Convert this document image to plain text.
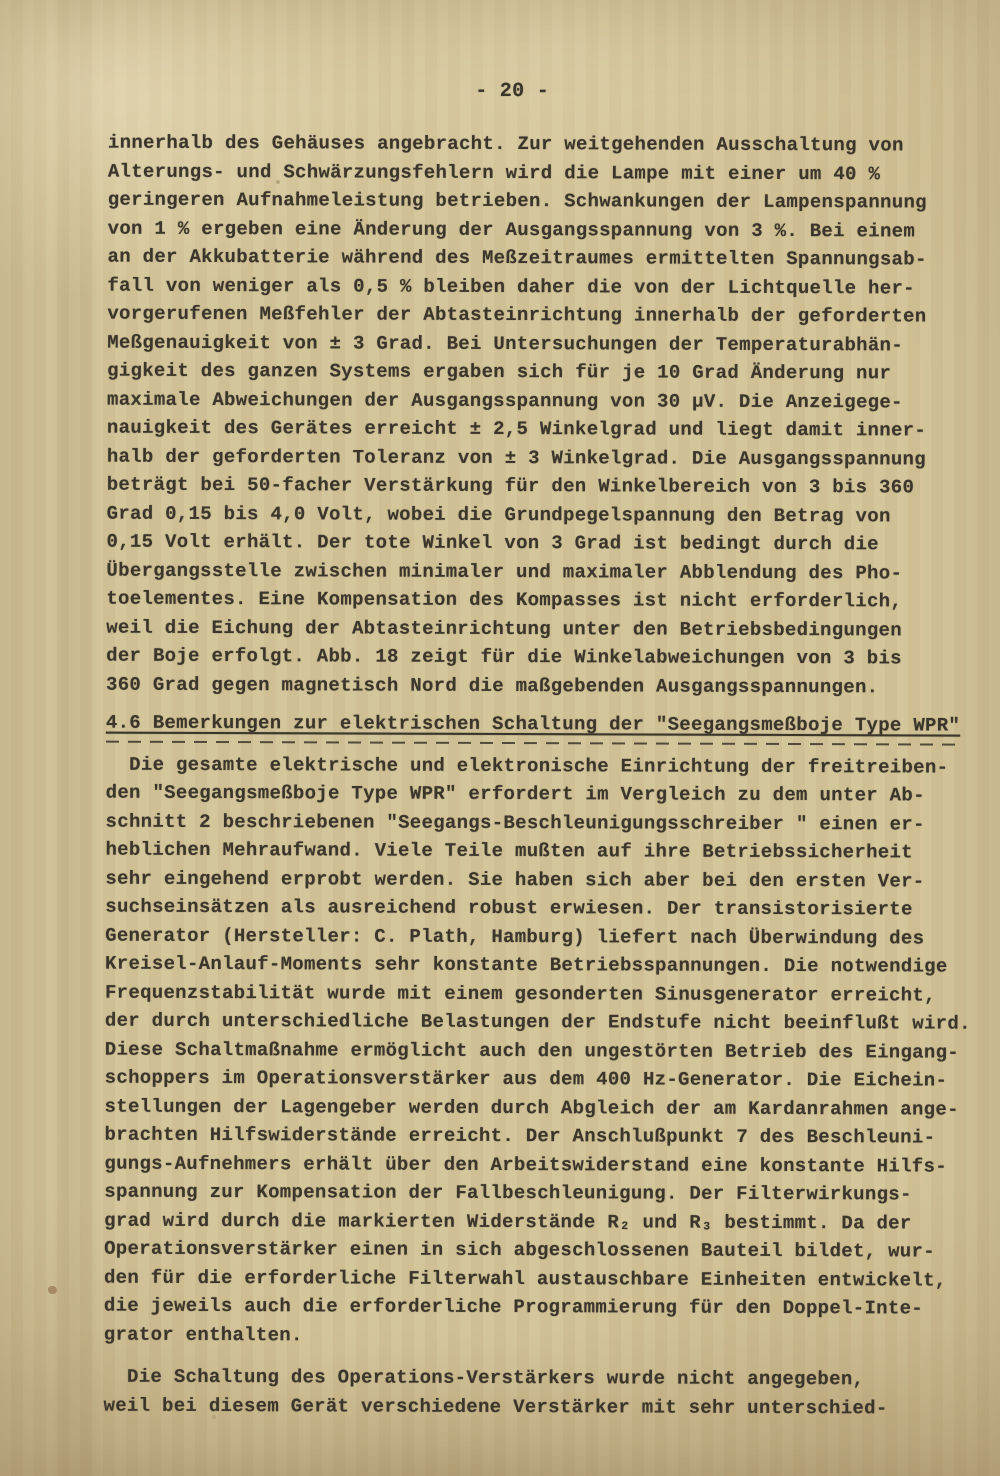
- 20 -
innerhalb des Gehäuses angebracht. Zur weitgehenden Ausschaltung von
Alterungs- und Schwärzungsfehlern wird die Lampe mit einer um 40 %
geringeren Aufnahmeleistung betrieben. Schwankungen der Lampenspannung
von 1 % ergeben eine Änderung der Ausgangsspannung von 3 %. Bei einem
an der Akkubatterie während des Meßzeitraumes ermittelten Spannungsab-
fall von weniger als 0,5 % bleiben daher die von der Lichtquelle her-
vorgerufenen Meßfehler der Abtasteinrichtung innerhalb der geforderten
Meßgenauigkeit von ± 3 Grad. Bei Untersuchungen der Temperaturabhän-
gigkeit des ganzen Systems ergaben sich für je 10 Grad Änderung nur
maximale Abweichungen der Ausgangsspannung von 30 µV. Die Anzeigege-
nauigkeit des Gerätes erreicht ± 2,5 Winkelgrad und liegt damit inner-
halb der geforderten Toleranz von ± 3 Winkelgrad. Die Ausgangsspannung
beträgt bei 50-facher Verstärkung für den Winkelbereich von 3 bis 360
Grad 0,15 bis 4,0 Volt, wobei die Grundpegelspannung den Betrag von
0,15 Volt erhält. Der tote Winkel von 3 Grad ist bedingt durch die
Übergangsstelle zwischen minimaler und maximaler Abblendung des Pho-
toelementes. Eine Kompensation des Kompasses ist nicht erforderlich,
weil die Eichung der Abtasteinrichtung unter den Betriebsbedingungen
der Boje erfolgt. Abb. 18 zeigt für die Winkelabweichungen von 3 bis
360 Grad gegen magnetisch Nord die maßgebenden Ausgangsspannungen.
4.6 Bemerkungen zur elektrischen Schaltung der "Seegangsmeßboje Type WPR"
Die gesamte elektrische und elektronische Einrichtung der freitreiben-
den "Seegangsmeßboje Type WPR" erfordert im Vergleich zu dem unter Ab-
schnitt 2 beschriebenen "Seegangs-Beschleunigungsschreiber " einen er-
heblichen Mehraufwand. Viele Teile mußten auf ihre Betriebssicherheit
sehr eingehend erprobt werden. Sie haben sich aber bei den ersten Ver-
suchseinsätzen als ausreichend robust erwiesen. Der transistorisierte
Generator (Hersteller: C. Plath, Hamburg) liefert nach Überwindung des
Kreisel-Anlauf-Moments sehr konstante Betriebsspannungen. Die notwendige
Frequenzstabilität wurde mit einem gesonderten Sinusgenerator erreicht,
der durch unterschiedliche Belastungen der Endstufe nicht beeinflußt wird.
Diese Schaltmaßnahme ermöglicht auch den ungestörten Betrieb des Eingang-
schoppers im Operationsverstärker aus dem 400 Hz-Generator. Die Eichein-
stellungen der Lagengeber werden durch Abgleich der am Kardanrahmen ange-
brachten Hilfswiderstände erreicht. Der Anschlußpunkt 7 des Beschleuni-
gungs-Aufnehmers erhält über den Arbeitswiderstand eine konstante Hilfs-
spannung zur Kompensation der Fallbeschleunigung. Der Filterwirkungs-
grad wird durch die markierten Widerstände R₂ und R₃ bestimmt. Da der
Operationsverstärker einen in sich abgeschlossenen Bauteil bildet, wur-
den für die erforderliche Filterwahl austauschbare Einheiten entwickelt,
die jeweils auch die erforderliche Programmierung für den Doppel-Inte-
grator enthalten.
Die Schaltung des Operations-Verstärkers wurde nicht angegeben,
weil bei diesem Gerät verschiedene Verstärker mit sehr unterschied-
